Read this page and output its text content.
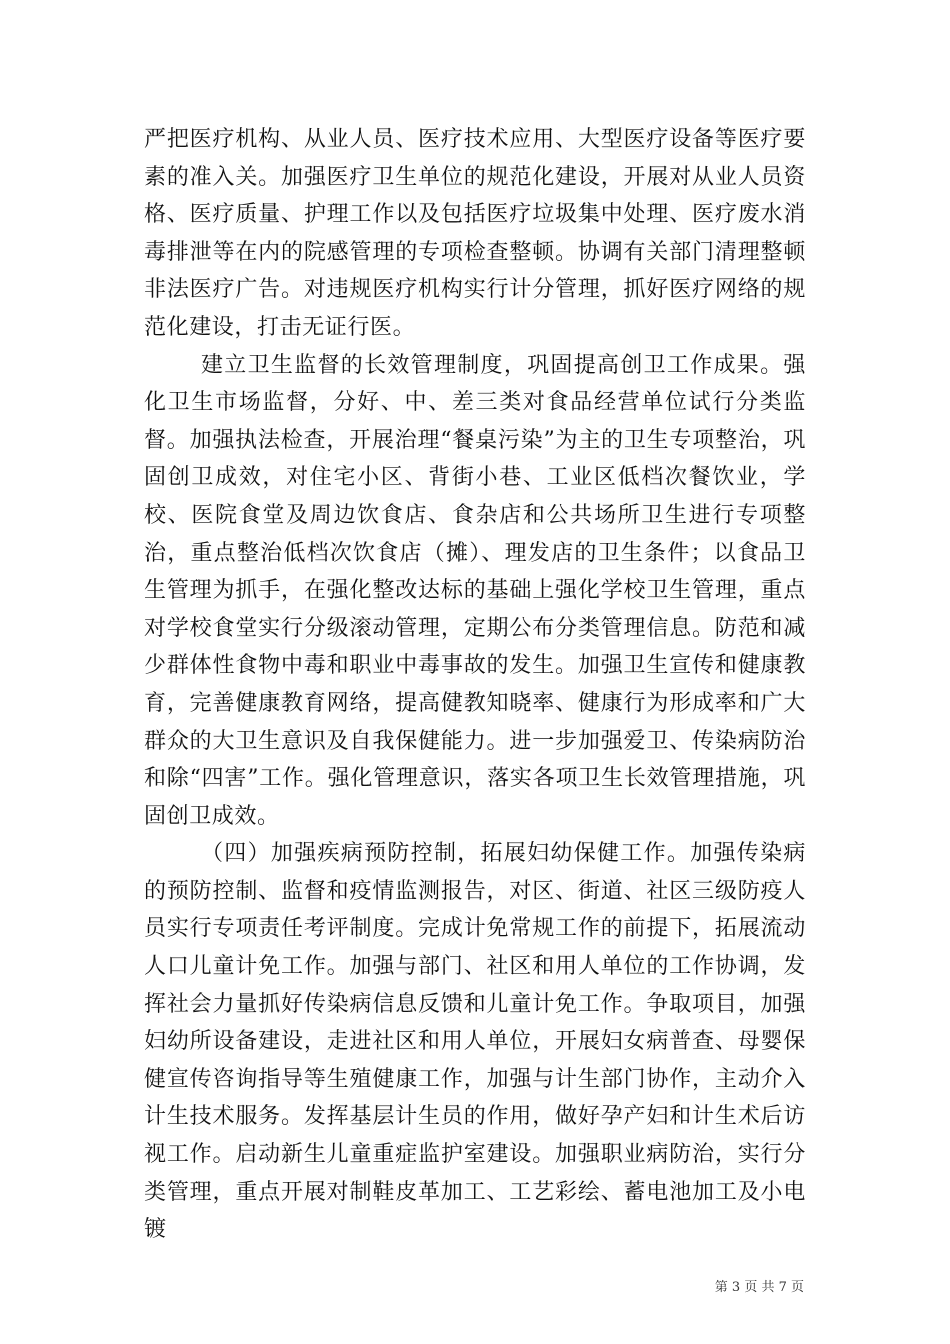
严把医疗机构、从业人员、医疗技术应用、大型医疗设备等医疗要素的准入关。加强医疗卫生单位的规范化建设，开展对从业人员资格、医疗质量、护理工作以及包括医疗垃圾集中处理、医疗废水消毒排泄等在内的院感管理的专项检查整顿。协调有关部门清理整顿非法医疗广告。对违规医疗机构实行计分管理，抓好医疗网络的规范化建设，打击无证行医。

建立卫生监督的长效管理制度，巩固提高创卫工作成果。强化卫生市场监督，分好、中、差三类对食品经营单位试行分类监督。加强执法检查，开展治理“餐桌污染”为主的卫生专项整治，巩固创卫成效，对住宅小区、背街小巷、工业区低档次餐饮业，学校、医院食堂及周边饮食店、食杂店和公共场所卫生进行专项整治，重点整治低档次饮食店（摊）、理发店的卫生条件；以食品卫生管理为抓手，在强化整改达标的基础上强化学校卫生管理，重点对学校食堂实行分级滚动管理，定期公布分类管理信息。防范和减少群体性食物中毒和职业中毒事故的发生。加强卫生宣传和健康教育，完善健康教育网络，提高健教知晓率、健康行为形成率和广大群众的大卫生意识及自我保健能力。进一步加强爱卫、传染病防治和除“四害”工作。强化管理意识，落实各项卫生长效管理措施，巩固创卫成效。

（四）加强疾病预防控制，拓展妇幼保健工作。加强传染病的预防控制、监督和疫情监测报告，对区、街道、社区三级防疫人员实行专项责任考评制度。完成计免常规工作的前提下，拓展流动人口儿童计免工作。加强与部门、社区和用人单位的工作协调，发挥社会力量抓好传染病信息反馈和儿童计免工作。争取项目，加强妇幼所设备建设，走进社区和用人单位，开展妇女病普查、母婴保健宣传咨询指导等生殖健康工作，加强与计生部门协作，主动介入计生技术服务。发挥基层计生员的作用，做好孕产妇和计生术后访视工作。启动新生儿童重症监护室建设。加强职业病防治，实行分类管理，重点开展对制鞋皮革加工、工艺彩绘、蓄电池加工及小电镀

第 3 页 共 7 页
